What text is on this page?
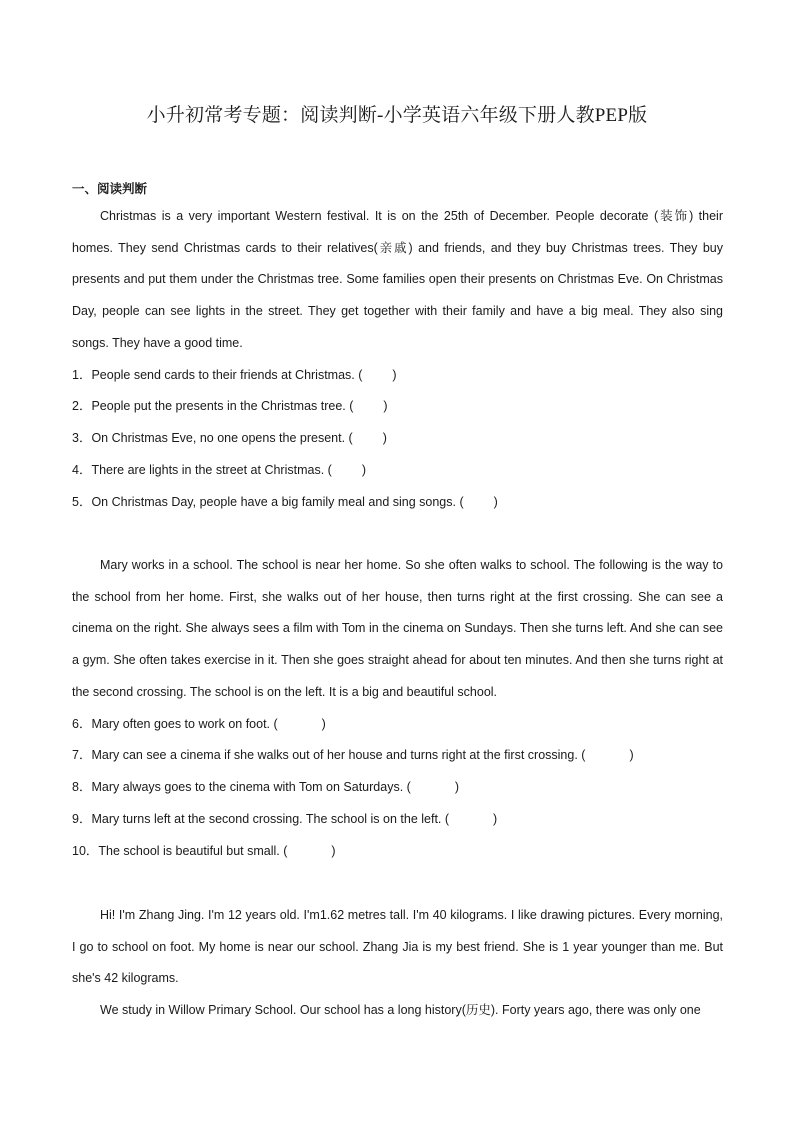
小升初常考专题：阅读判断-小学英语六年级下册人教PEP版
一、阅读判断

Christmas is a very important Western festival. It is on the 25th of December. People decorate (装饰) their homes. They send Christmas cards to their relatives(亲戚) and friends, and they buy Christmas trees. They buy presents and put them under the Christmas tree. Some families open their presents on Christmas Eve. On Christmas Day, people can see lights in the street. They get together with their family and have a big meal. They also sing songs. They have a good time.

1．People send cards to their friends at Christmas. ( )

2．People put the presents in the Christmas tree. ( )

3．On Christmas Eve, no one opens the present. ( )

4．There are lights in the street at Christmas. ( )

5．On Christmas Day, people have a big family meal and sing songs. ( )

Mary works in a school. The school is near her home. So she often walks to school. The following is the way to the school from her home. First, she walks out of her house, then turns right at the first crossing. She can see a cinema on the right. She always sees a film with Tom in the cinema on Sundays. Then she turns left. And she can see a gym. She often takes exercise in it. Then she goes straight ahead for about ten minutes. And then she turns right at the second crossing. The school is on the left. It is a big and beautiful school.

6．Mary often goes to work on foot. (	)

7．Mary can see a cinema if she walks out of her house and turns right at the first crossing. (	)

8．Mary always goes to the cinema with Tom on Saturdays. (	)

9．Mary turns left at the second crossing. The school is on the left. (	)

10．The school is beautiful but small. (	)

Hi! I'm Zhang Jing. I'm 12 years old. I'm1.62 metres tall. I'm 40 kilograms. I like drawing pictures. Every morning, I go to school on foot. My home is near our school. Zhang Jia is my best friend. She is 1 year younger than me. But she's 42 kilograms.

We study in Willow Primary School. Our school has a long history(历史). Forty years ago, there was only one
